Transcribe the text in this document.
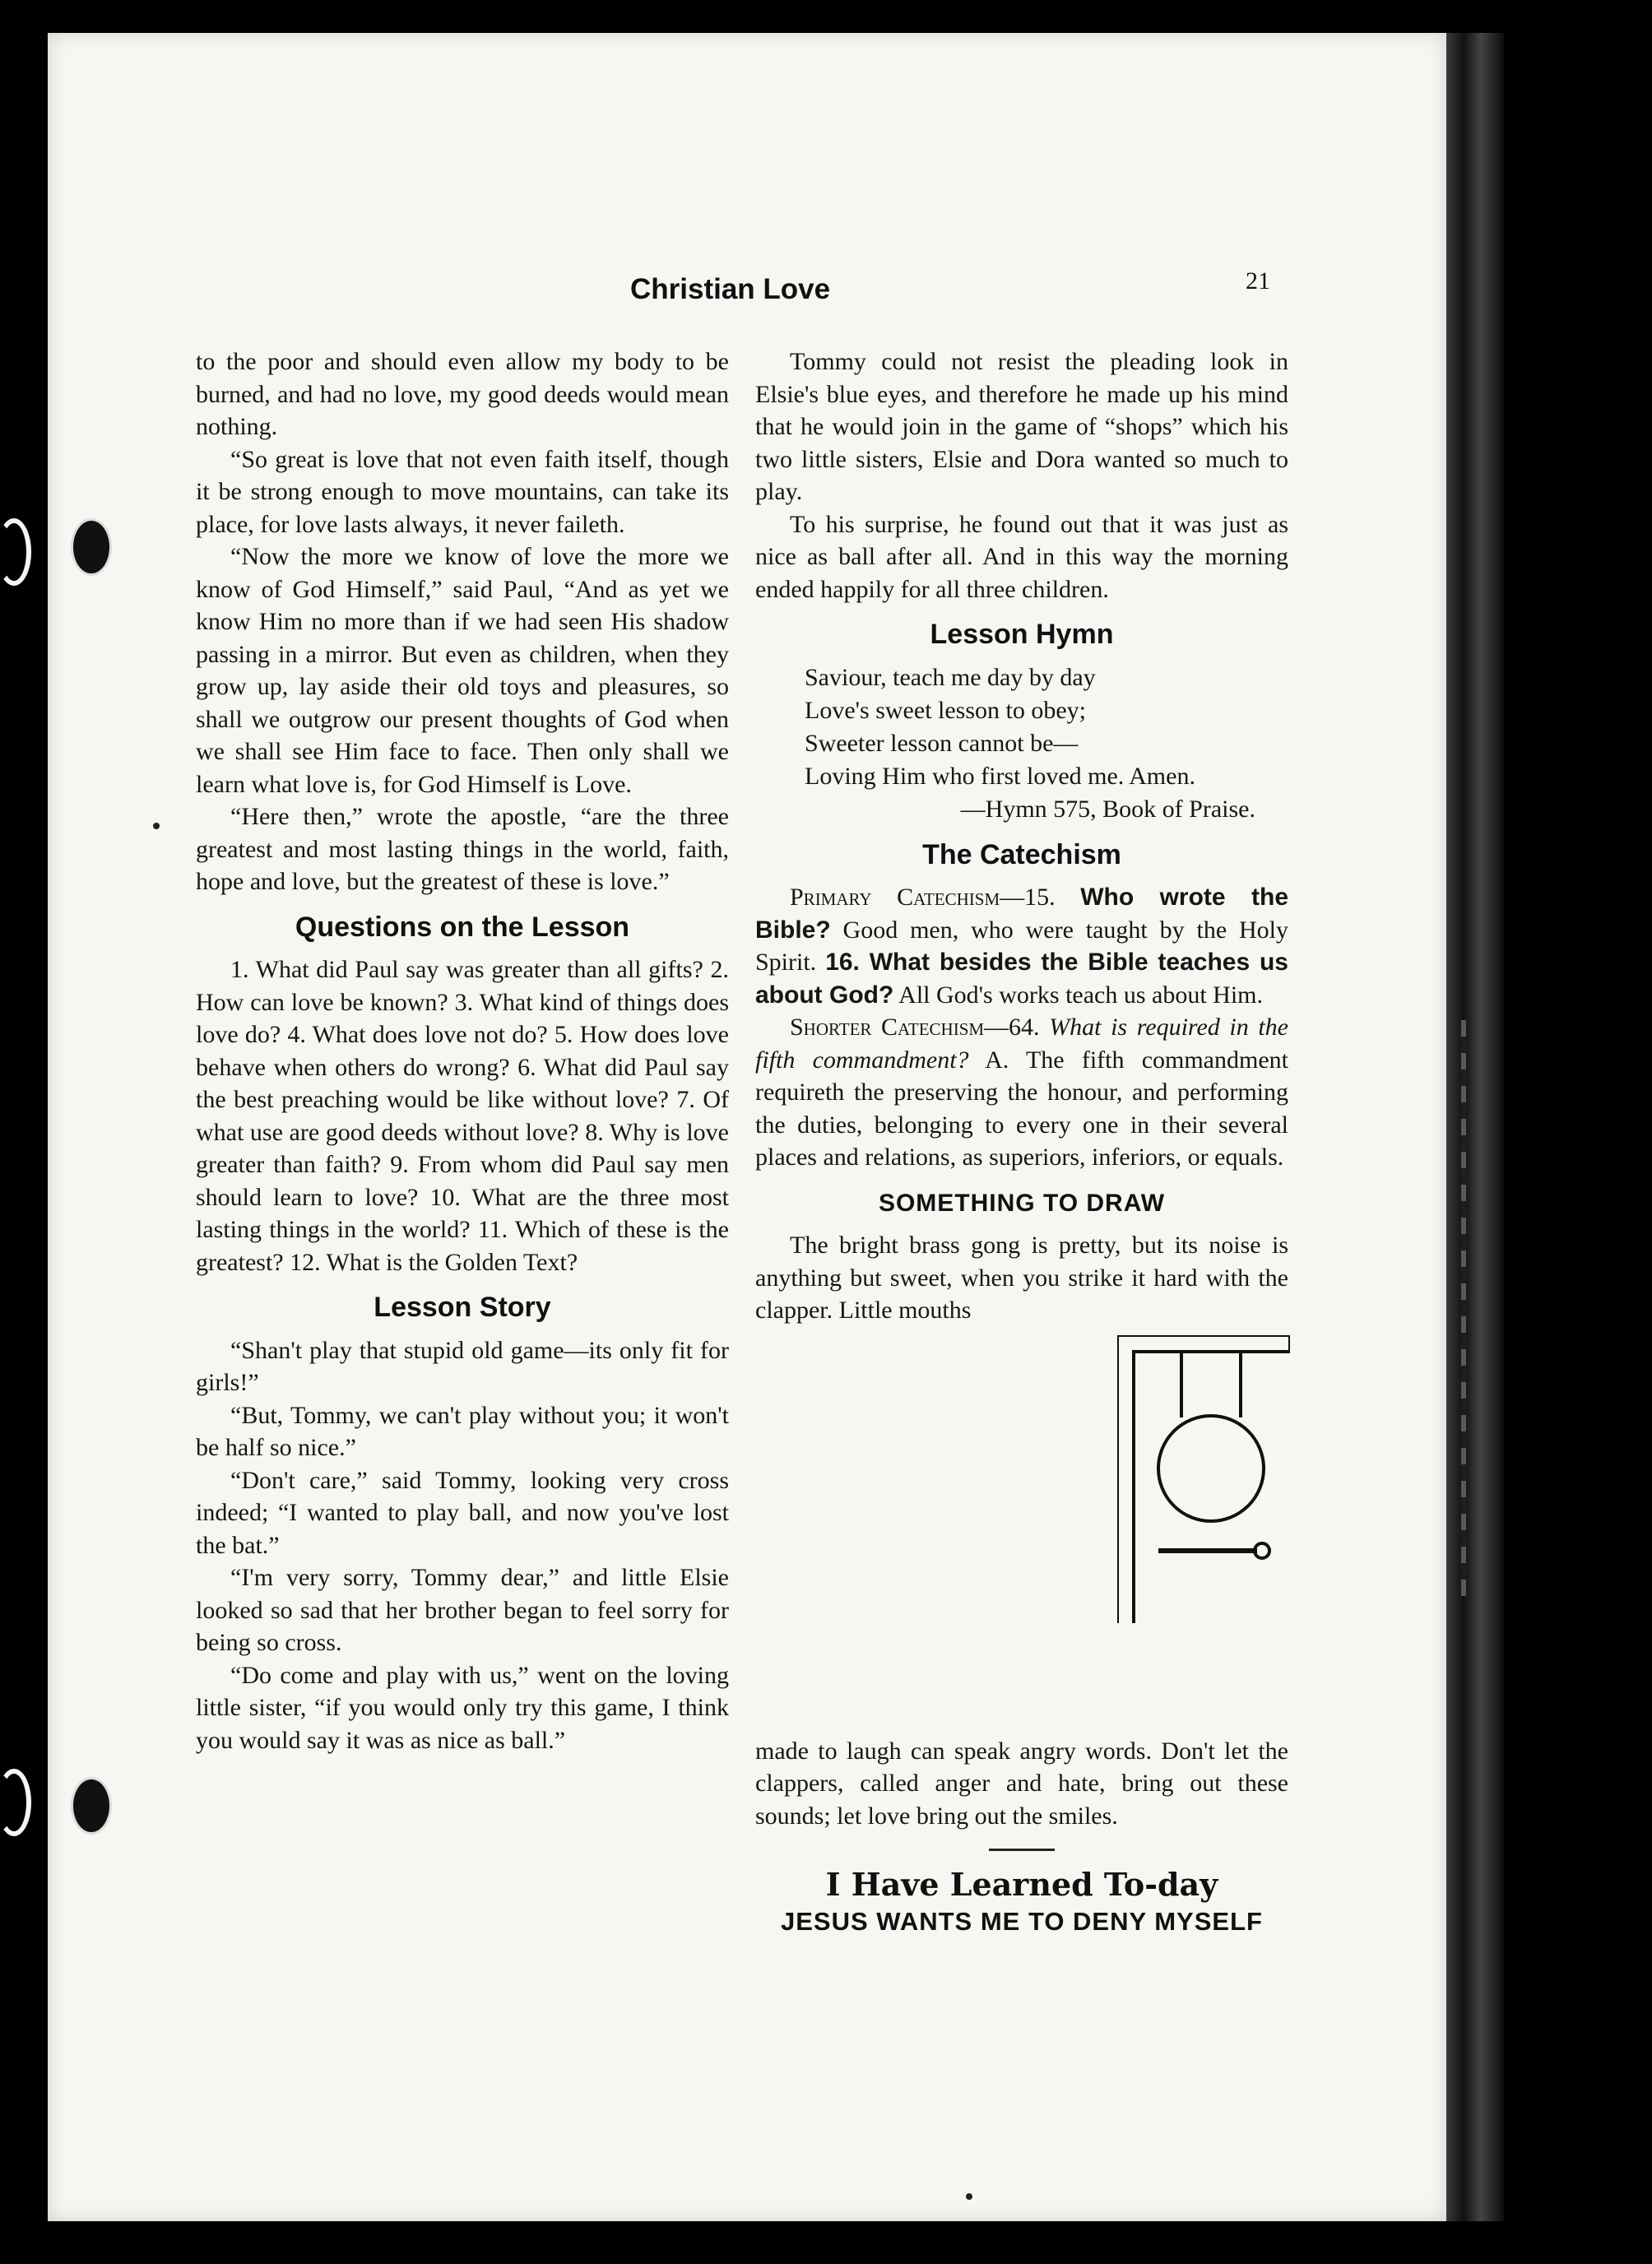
Christian Love	21

to the poor and should even allow my body to be burned, and had no love, my good deeds would mean nothing.

“So great is love that not even faith itself, though it be strong enough to move mountains, can take its place, for love lasts always, it never faileth.

“Now the more we know of love the more we know of God Himself,” said Paul, “And as yet we know Him no more than if we had seen His shadow passing in a mirror. But even as children, when they grow up, lay aside their old toys and pleasures, so shall we outgrow our present thoughts of God when we shall see Him face to face. Then only shall we learn what love is, for God Himself is Love.

“Here then,” wrote the apostle, “are the three greatest and most lasting things in the world, faith, hope and love, but the greatest of these is love.”

Questions on the Lesson

1. What did Paul say was greater than all gifts? 2. How can love be known? 3. What kind of things does love do? 4. What does love not do? 5. How does love behave when others do wrong? 6. What did Paul say the best preaching would be like without love? 7. Of what use are good deeds without love? 8. Why is love greater than faith? 9. From whom did Paul say men should learn to love? 10. What are the three most lasting things in the world? 11. Which of these is the greatest? 12. What is the Golden Text?

Lesson Story

“Shan't play that stupid old game—its only fit for girls!”

“But, Tommy, we can't play without you; it won't be half so nice.”

“Don't care,” said Tommy, looking very cross indeed; “I wanted to play ball, and now you've lost the bat.”

“I'm very sorry, Tommy dear,” and little Elsie looked so sad that her brother began to feel sorry for being so cross.

“Do come and play with us,” went on the loving little sister, “if you would only try this game, I think you would say it was as nice as ball.”

Tommy could not resist the pleading look in Elsie's blue eyes, and therefore he made up his mind that he would join in the game of “shops” which his two little sisters, Elsie and Dora wanted so much to play.

To his surprise, he found out that it was just as nice as ball after all. And in this way the morning ended happily for all three children.

Lesson Hymn
Saviour, teach me day by day
Love's sweet lesson to obey;
Sweeter lesson cannot be—
Loving Him who first loved me. Amen.
—Hymn 575, Book of Praise.
The Catechism

Primary Catechism—15. Who wrote the Bible? Good men, who were taught by the Holy Spirit. 16. What besides the Bible teaches us about God? All God's works teach us about Him.

Shorter Catechism—64. What is required in the fifth commandment? A. The fifth commandment requireth the preserving the honour, and performing the duties, belonging to every one in their several places and relations, as superiors, inferiors, or equals.

SOMETHING TO DRAW

The bright brass gong is pretty, but its noise is anything but sweet, when you strike it hard with the clapper. Little mouths

made to laugh can speak angry words. Don't let the clappers, called anger and hate, bring out these sounds; let love bring out the smiles.

I Have Learned To-day
JESUS WANTS ME TO DENY MYSELF
